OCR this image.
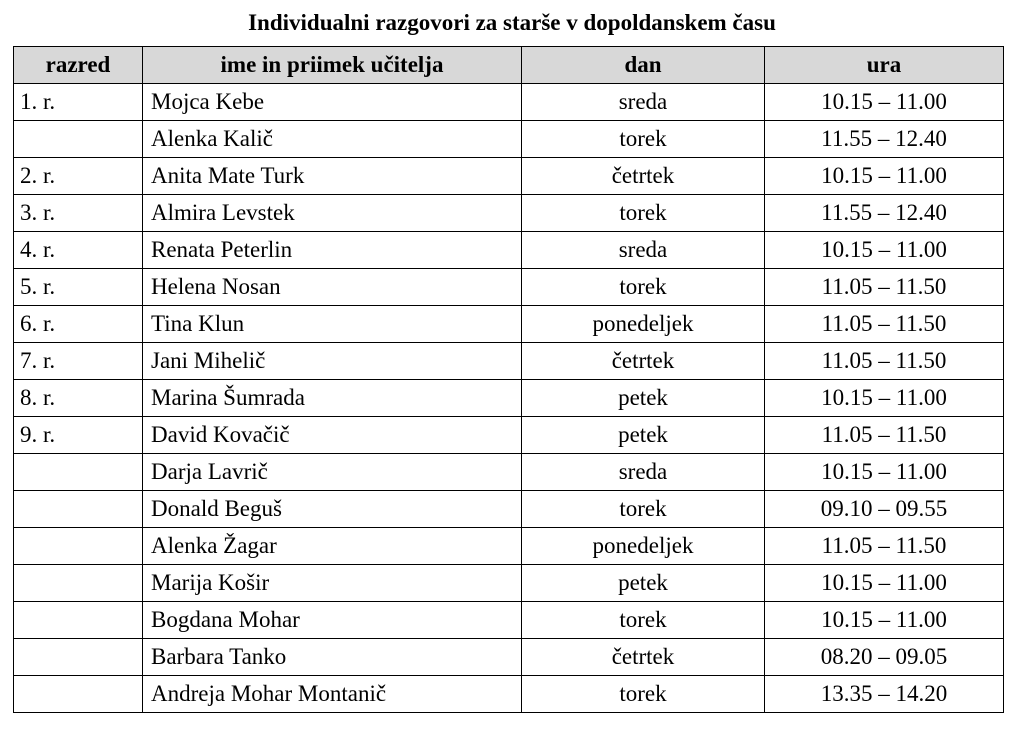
Individualni razgovori za starše v dopoldanskem času
razred	ime in priimek učitelja	dan	ura
1. r.	Mojca Kebe	sreda	10.15 – 11.00
	Alenka Kalič	torek	11.55 – 12.40
2. r.	Anita Mate Turk	četrtek	10.15 – 11.00
3. r.	Almira Levstek	torek	11.55 – 12.40
4. r.	Renata Peterlin	sreda	10.15 – 11.00
5. r.	Helena Nosan	torek	11.05 – 11.50
6. r.	Tina Klun	ponedeljek	11.05 – 11.50
7. r.	Jani Mihelič	četrtek	11.05 – 11.50
8. r.	Marina Šumrada	petek	10.15 – 11.00
9. r.	David Kovačič	petek	11.05 – 11.50
	Darja Lavrič	sreda	10.15 – 11.00
	Donald Beguš	torek	09.10 – 09.55
	Alenka Žagar	ponedeljek	11.05 – 11.50
	Marija Košir	petek	10.15 – 11.00
	Bogdana Mohar	torek	10.15 – 11.00
	Barbara Tanko	četrtek	08.20 – 09.05
	Andreja Mohar Montanič	torek	13.35 – 14.20
